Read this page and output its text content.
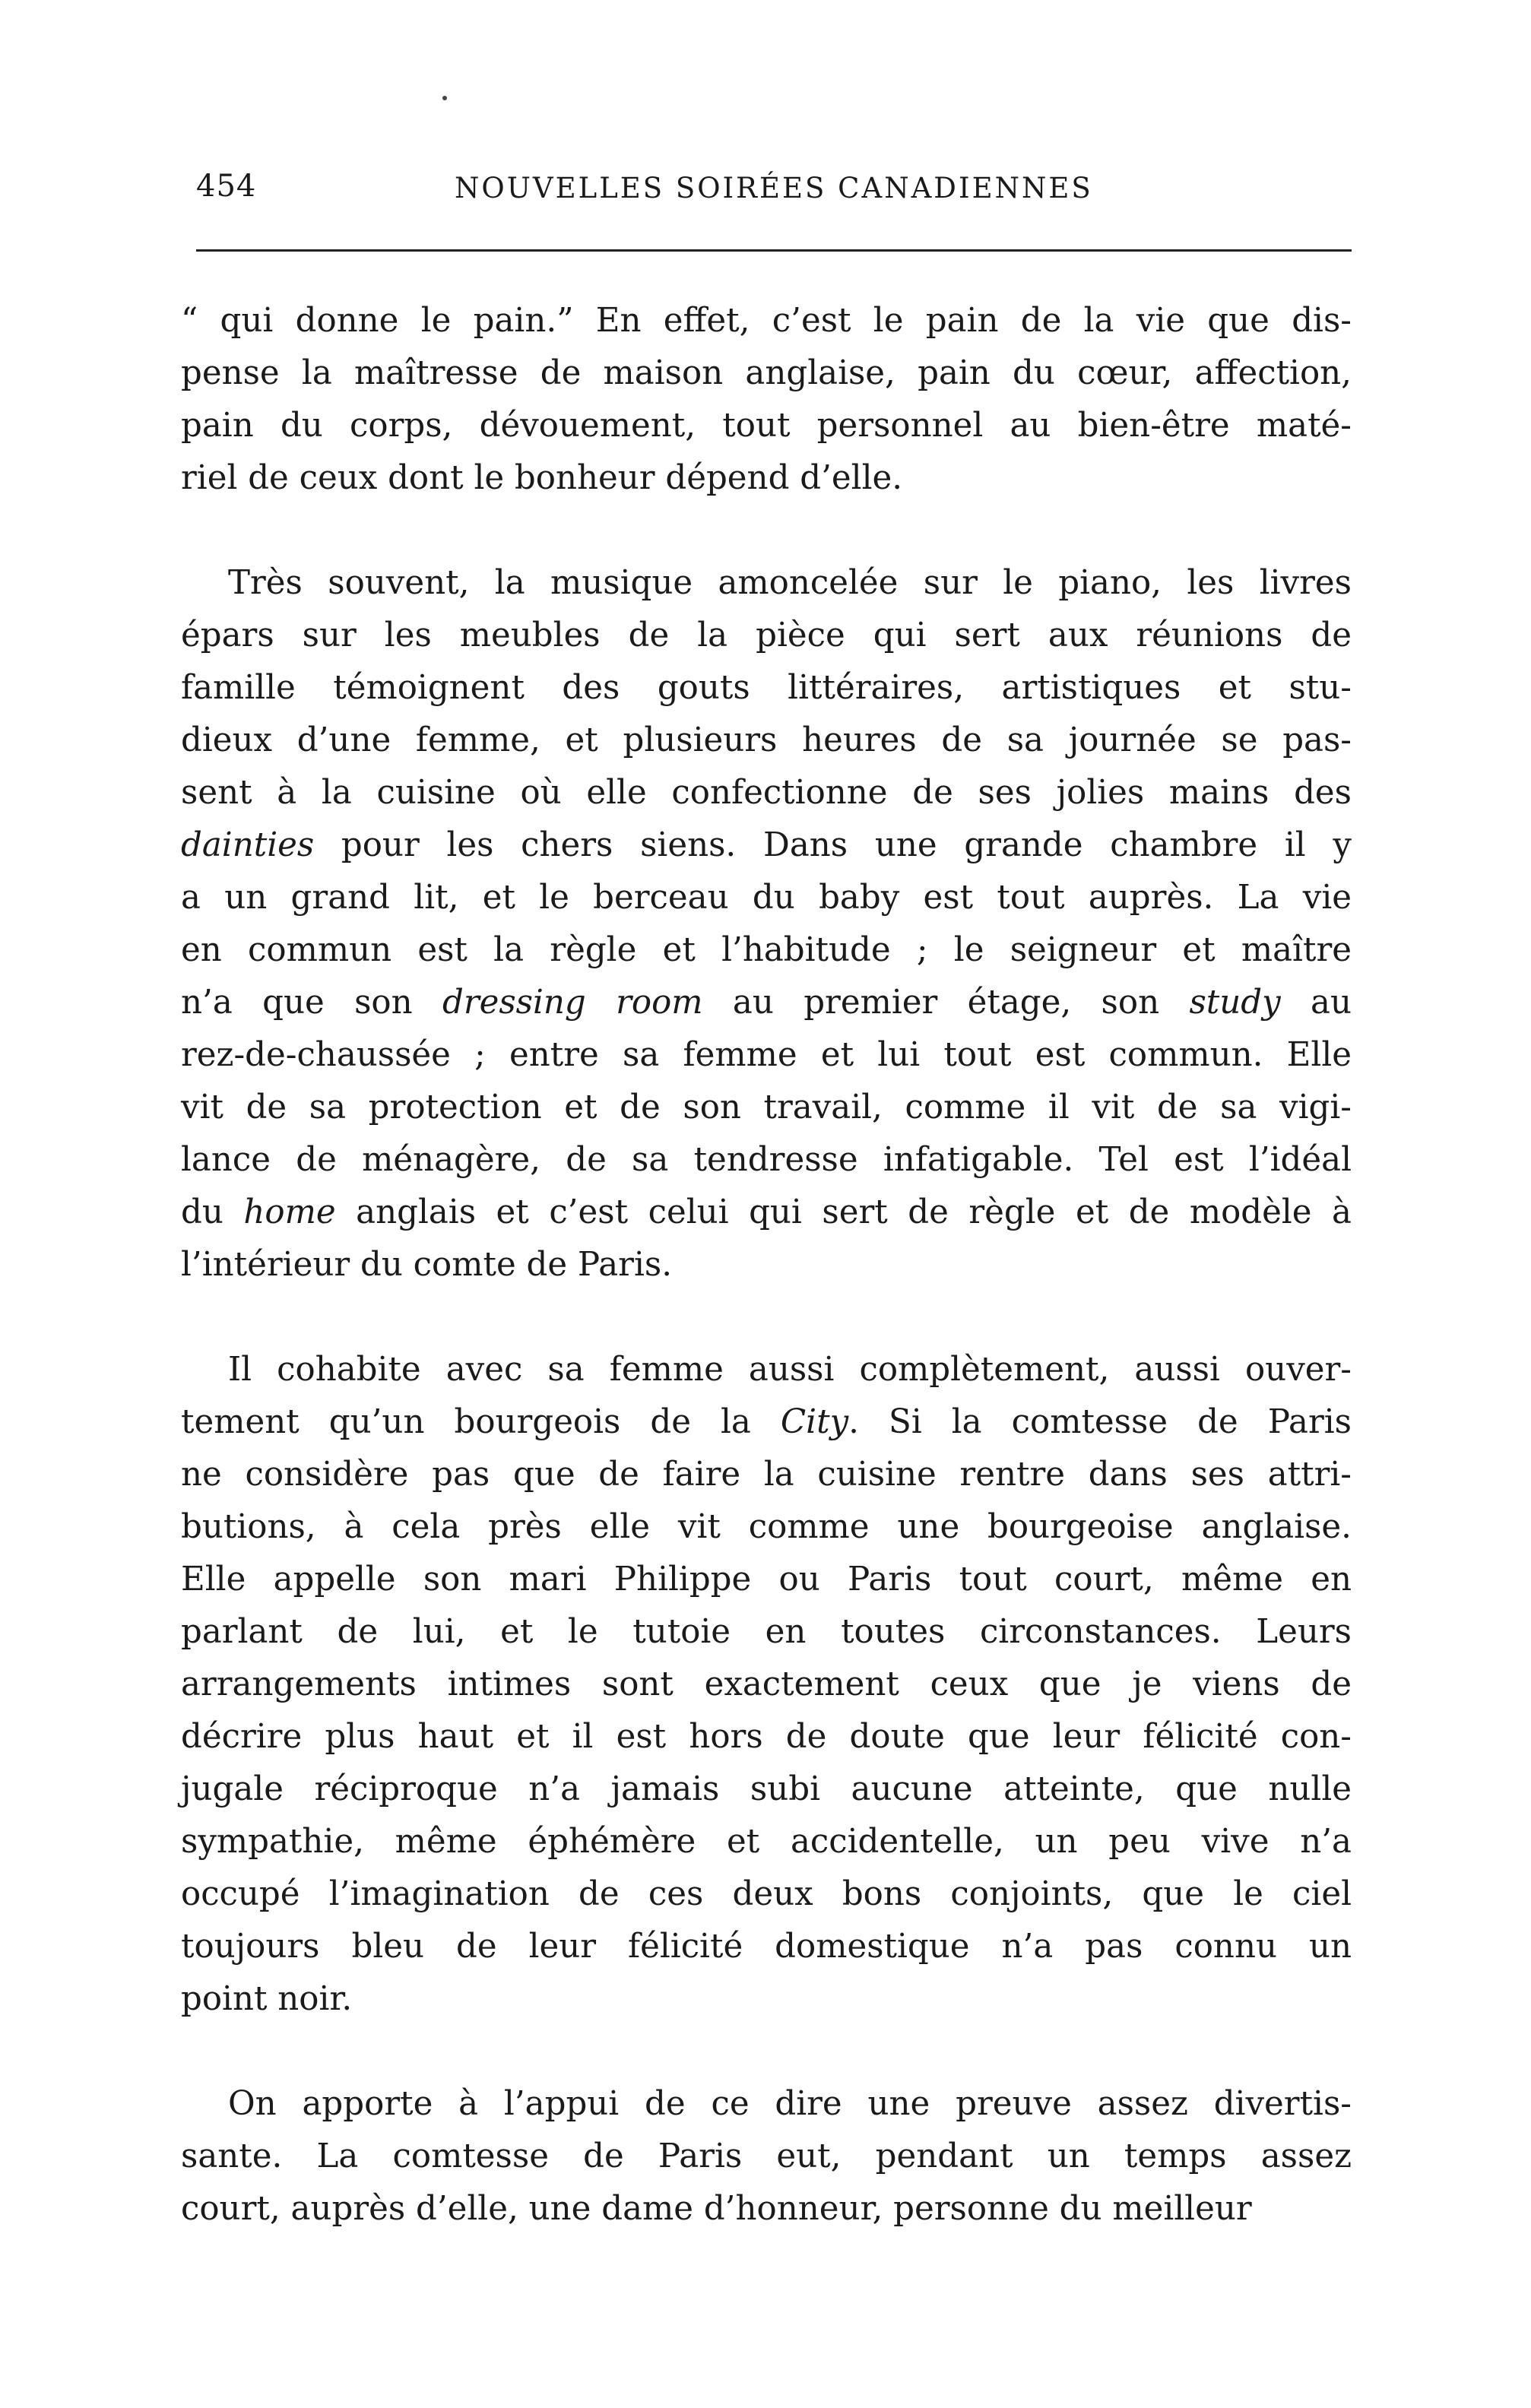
454	NOUVELLES SOIRÉES CANADIENNES
“ qui donne le pain.” En effet, c’est le pain de la vie que dis-
pense la maîtresse de maison anglaise, pain du cœur, affection,
pain du corps, dévouement, tout personnel au bien-être maté-
riel de ceux dont le bonheur dépend d’elle.
Très souvent, la musique amoncelée sur le piano, les livres
épars sur les meubles de la pièce qui sert aux réunions de
famille témoignent des gouts littéraires, artistiques et stu-
dieux d’une femme, et plusieurs heures de sa journée se pas-
sent à la cuisine où elle confectionne de ses jolies mains des
dainties pour les chers siens. Dans une grande chambre il y
a un grand lit, et le berceau du baby est tout auprès. La vie
en commun est la règle et l’habitude ; le seigneur et maître
n’a que son dressing room au premier étage, son study au
rez-de-chaussée ; entre sa femme et lui tout est commun. Elle
vit de sa protection et de son travail, comme il vit de sa vigi-
lance de ménagère, de sa tendresse infatigable. Tel est l’idéal
du home anglais et c’est celui qui sert de règle et de modèle à
l’intérieur du comte de Paris.
Il cohabite avec sa femme aussi complètement, aussi ouver-
tement qu’un bourgeois de la City. Si la comtesse de Paris
ne considère pas que de faire la cuisine rentre dans ses attri-
butions, à cela près elle vit comme une bourgeoise anglaise.
Elle appelle son mari Philippe ou Paris tout court, même en
parlant de lui, et le tutoie en toutes circonstances. Leurs
arrangements intimes sont exactement ceux que je viens de
décrire plus haut et il est hors de doute que leur félicité con-
jugale réciproque n’a jamais subi aucune atteinte, que nulle
sympathie, même éphémère et accidentelle, un peu vive n’a
occupé l’imagination de ces deux bons conjoints, que le ciel
toujours bleu de leur félicité domestique n’a pas connu un
point noir.
On apporte à l’appui de ce dire une preuve assez divertis-
sante. La comtesse de Paris eut, pendant un temps assez
court, auprès d’elle, une dame d’honneur, personne du meilleur
